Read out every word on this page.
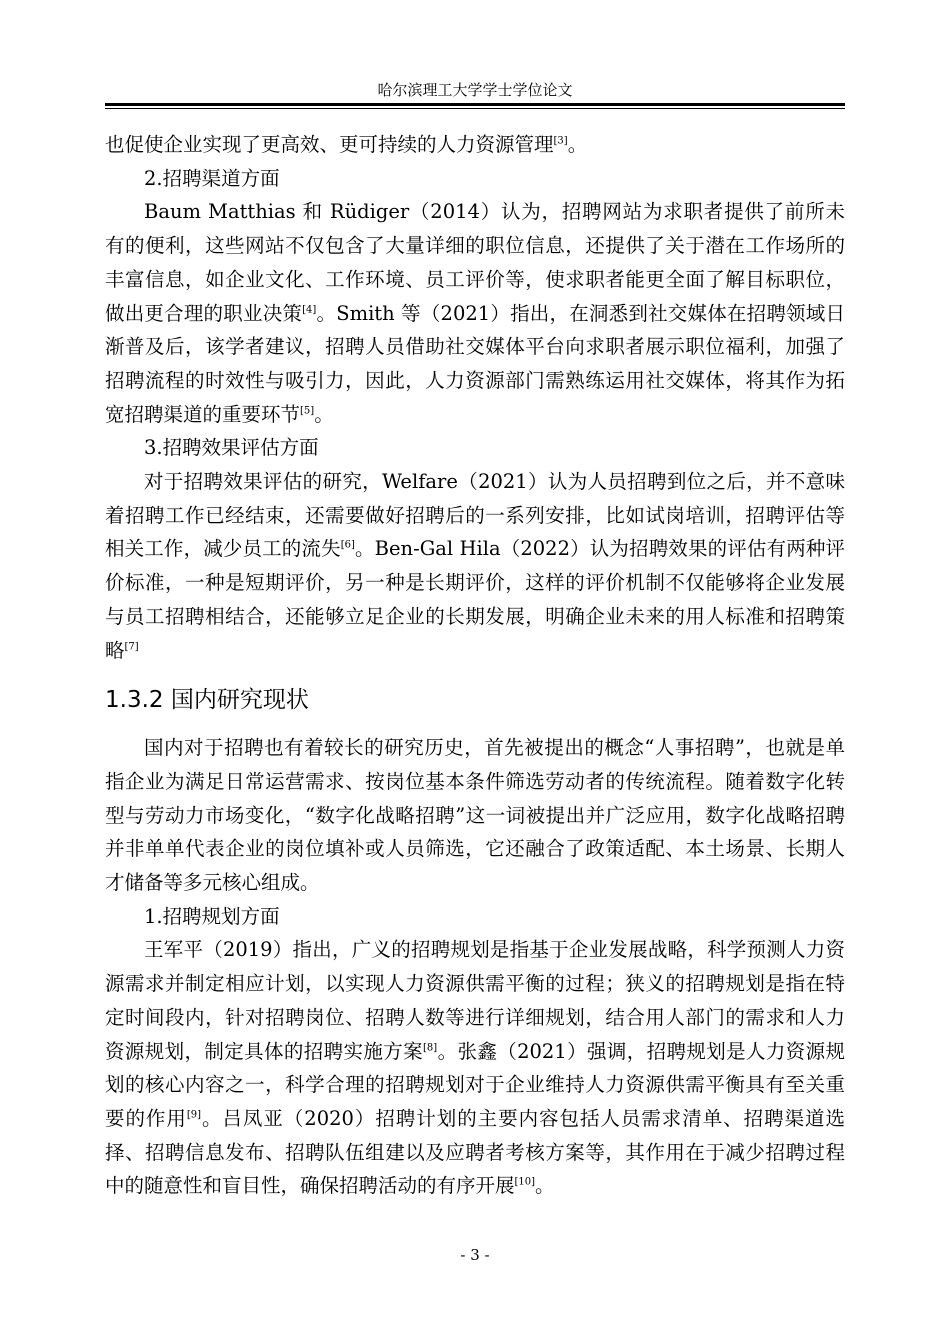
哈尔滨理工大学学士学位论文

也促使企业实现了更高效、更可持续的人力资源管理[3]。

2.招聘渠道方面

Baum Matthias 和 Rüdiger（2014）认为，招聘网站为求职者提供了前所未有的便利，这些网站不仅包含了大量详细的职位信息，还提供了关于潜在工作场所的丰富信息，如企业文化、工作环境、员工评价等，使求职者能更全面了解目标职位，做出更合理的职业决策[4]。Smith 等（2021）指出，在洞悉到社交媒体在招聘领域日渐普及后，该学者建议，招聘人员借助社交媒体平台向求职者展示职位福利，加强了招聘流程的时效性与吸引力，因此，人力资源部门需熟练运用社交媒体，将其作为拓宽招聘渠道的重要环节[5]。

3.招聘效果评估方面

对于招聘效果评估的研究，Welfare（2021）认为人员招聘到位之后，并不意味着招聘工作已经结束，还需要做好招聘后的一系列安排，比如试岗培训，招聘评估等相关工作，减少员工的流失[6]。Ben-Gal Hila（2022）认为招聘效果的评估有两种评价标准，一种是短期评价，另一种是长期评价，这样的评价机制不仅能够将企业发展与员工招聘相结合，还能够立足企业的长期发展，明确企业未来的用人标准和招聘策略[7]

1.3.2 国内研究现状

国内对于招聘也有着较长的研究历史，首先被提出的概念“人事招聘”，也就是单指企业为满足日常运营需求、按岗位基本条件筛选劳动者的传统流程。随着数字化转型与劳动力市场变化，“数字化战略招聘”这一词被提出并广泛应用，数字化战略招聘并非单单代表企业的岗位填补或人员筛选，它还融合了政策适配、本土场景、长期人才储备等多元核心组成。

1.招聘规划方面

王军平（2019）指出，广义的招聘规划是指基于企业发展战略，科学预测人力资源需求并制定相应计划，以实现人力资源供需平衡的过程；狭义的招聘规划是指在特定时间段内，针对招聘岗位、招聘人数等进行详细规划，结合用人部门的需求和人力资源规划，制定具体的招聘实施方案[8]。张鑫（2021）强调，招聘规划是人力资源规划的核心内容之一，科学合理的招聘规划对于企业维持人力资源供需平衡具有至关重要的作用[9]。吕凤亚（2020）招聘计划的主要内容包括人员需求清单、招聘渠道选择、招聘信息发布、招聘队伍组建以及应聘者考核方案等，其作用在于减少招聘过程中的随意性和盲目性，确保招聘活动的有序开展[10]。

- 3 -
